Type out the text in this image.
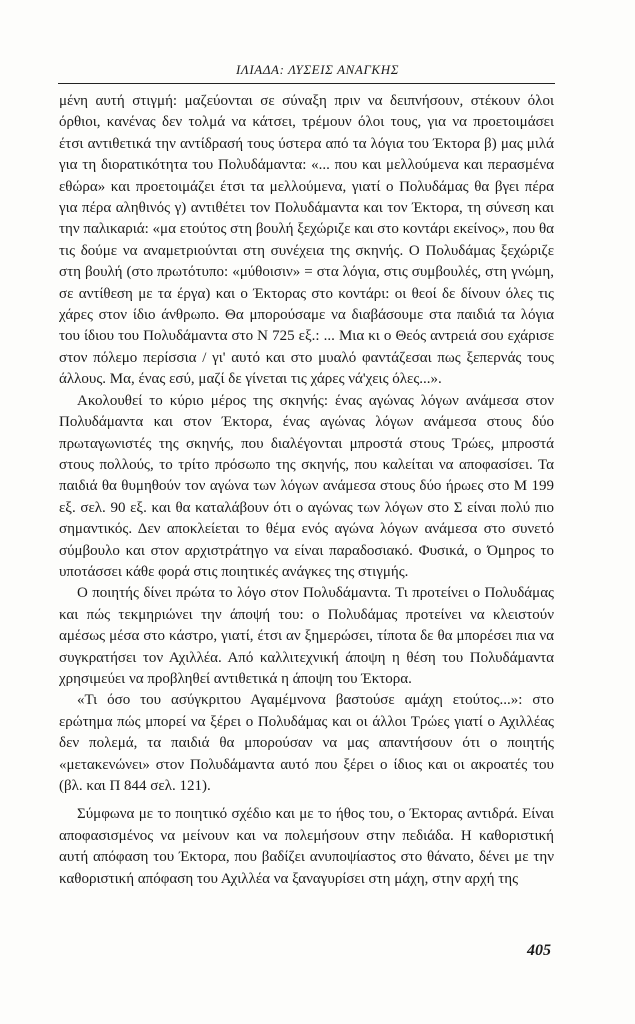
ΙΛΙΑΔΑ: ΛΥΣΕΙΣ ΑΝΑΓΚΗΣ

μένη αυτή στιγμή: μαζεύονται σε σύναξη πριν να δειπνήσουν, στέκουν όλοι όρθιοι, κανένας δεν τολμά να κάτσει, τρέμουν όλοι τους, για να προετοιμάσει έτσι αντιθετικά την αντίδρασή τους ύστερα από τα λόγια του Έκτορα β) μας μιλά για τη διορατικότητα του Πολυδάμαντα: «... που και μελλούμενα και περασμένα εθώρα» και προετοιμάζει έτσι τα μελλούμενα, γιατί ο Πολυδάμας θα βγει πέρα για πέρα αληθινός γ) αντιθέτει τον Πολυδάμαντα και τον Έκτορα, τη σύνεση και την παλικαριά: «μα ετούτος στη βουλή ξεχώριζε και στο κοντάρι εκείνος», που θα τις δούμε να αναμετριούνται στη συνέχεια της σκηνής. Ο Πολυδάμας ξεχώριζε στη βουλή (στο πρωτότυπο: «μύθοισιν» = στα λόγια, στις συμβουλές, στη γνώμη, σε αντίθεση με τα έργα) και ο Έκτορας στο κοντάρι: οι θεοί δε δίνουν όλες τις χάρες στον ίδιο άνθρωπο. Θα μπορούσαμε να διαβάσουμε στα παιδιά τα λόγια του ίδιου του Πολυδάμαντα στο Ν 725 εξ.: ... Μια κι ο Θεός αντρειά σου εχάρισε στον πόλεμο περίσσια / γι' αυτό και στο μυαλό φαντάζεσαι πως ξεπερνάς τους άλλους. Μα, ένας εσύ, μαζί δε γίνεται τις χάρες νά'χεις όλες...».

Ακολουθεί το κύριο μέρος της σκηνής: ένας αγώνας λόγων ανάμεσα στον Πολυδάμαντα και στον Έκτορα, ένας αγώνας λόγων ανάμεσα στους δύο πρωταγωνιστές της σκηνής, που διαλέγονται μπροστά στους Τρώες, μπροστά στους πολλούς, το τρίτο πρόσωπο της σκηνής, που καλείται να αποφασίσει. Τα παιδιά θα θυμηθούν τον αγώνα των λόγων ανάμεσα στους δύο ήρωες στο Μ 199 εξ. σελ. 90 εξ. και θα καταλάβουν ότι ο αγώνας των λόγων στο Σ είναι πολύ πιο σημαντικός. Δεν αποκλείεται το θέμα ενός αγώνα λόγων ανάμεσα στο συνετό σύμβουλο και στον αρχιστράτηγο να είναι παραδοσιακό. Φυσικά, ο Όμηρος το υποτάσσει κάθε φορά στις ποιητικές ανάγκες της στιγμής.

Ο ποιητής δίνει πρώτα το λόγο στον Πολυδάμαντα. Τι προτείνει ο Πολυδάμας και πώς τεκμηριώνει την άποψή του: ο Πολυδάμας προτείνει να κλειστούν αμέσως μέσα στο κάστρο, γιατί, έτσι αν ξημερώσει, τίποτα δε θα μπορέσει πια να συγκρατήσει τον Αχιλλέα. Από καλλιτεχνική άποψη η θέση του Πολυδάμαντα χρησιμεύει να προβληθεί αντιθετικά η άποψη του Έκτορα.

«Τι όσο του ασύγκριτου Αγαμέμνονα βαστούσε αμάχη ετούτος...»: στο ερώτημα πώς μπορεί να ξέρει ο Πολυδάμας και οι άλλοι Τρώες γιατί ο Αχιλλέας δεν πολεμά, τα παιδιά θα μπορούσαν να μας απαντήσουν ότι ο ποιητής «μετακενώνει» στον Πολυδάμαντα αυτό που ξέρει ο ίδιος και οι ακροατές του (βλ. και Π 844 σελ. 121).

Σύμφωνα με το ποιητικό σχέδιο και με το ήθος του, ο Έκτορας αντιδρά. Είναι αποφασισμένος να μείνουν και να πολεμήσουν στην πεδιάδα. Η καθοριστική αυτή απόφαση του Έκτορα, που βαδίζει ανυποψίαστος στο θάνατο, δένει με την καθοριστική απόφαση του Αχιλλέα να ξαναγυρίσει στη μάχη, στην αρχή της

405
